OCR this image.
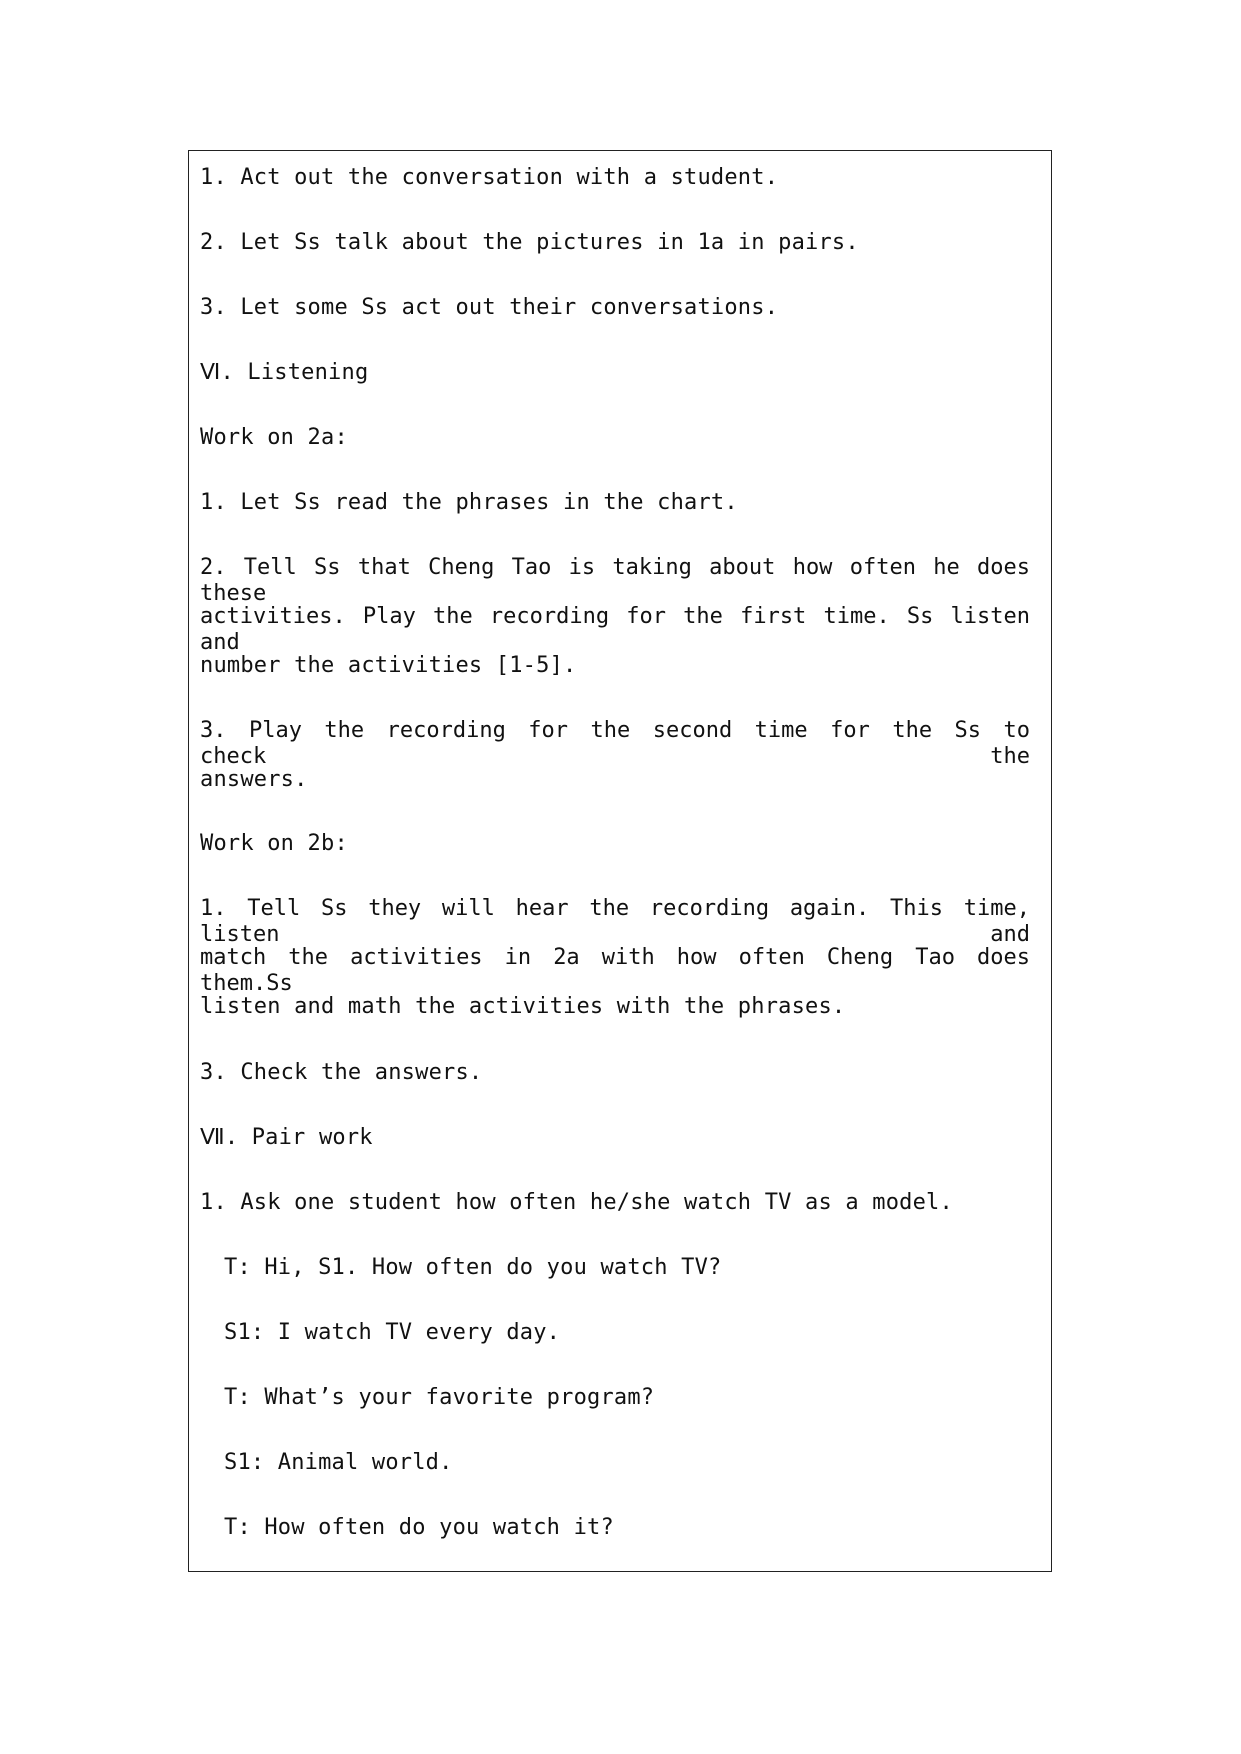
1. Act out the conversation with a student.
2. Let Ss talk about the pictures in 1a in pairs.
3. Let some Ss act out their conversations.
Ⅵ. Listening
Work on 2a:
1. Let Ss read the phrases in the chart.
2. Tell Ss that Cheng Tao is taking about how often he does these
activities. Play the recording for the first time. Ss listen and
number the activities [1-5].
3. Play the recording for the second time for the Ss to check the
answers.
Work on 2b:
1. Tell Ss they will hear the recording again. This time, listen and
match the activities in 2a with how often Cheng Tao does them.Ss
listen and math the activities with the phrases.
3. Check the answers.
Ⅶ. Pair work
1. Ask one student how often he/she watch TV as a model.
T: Hi, S1. How often do you watch TV?
S1: I watch TV every day.
T: What’s your favorite program?
S1: Animal world.
T: How often do you watch it?
